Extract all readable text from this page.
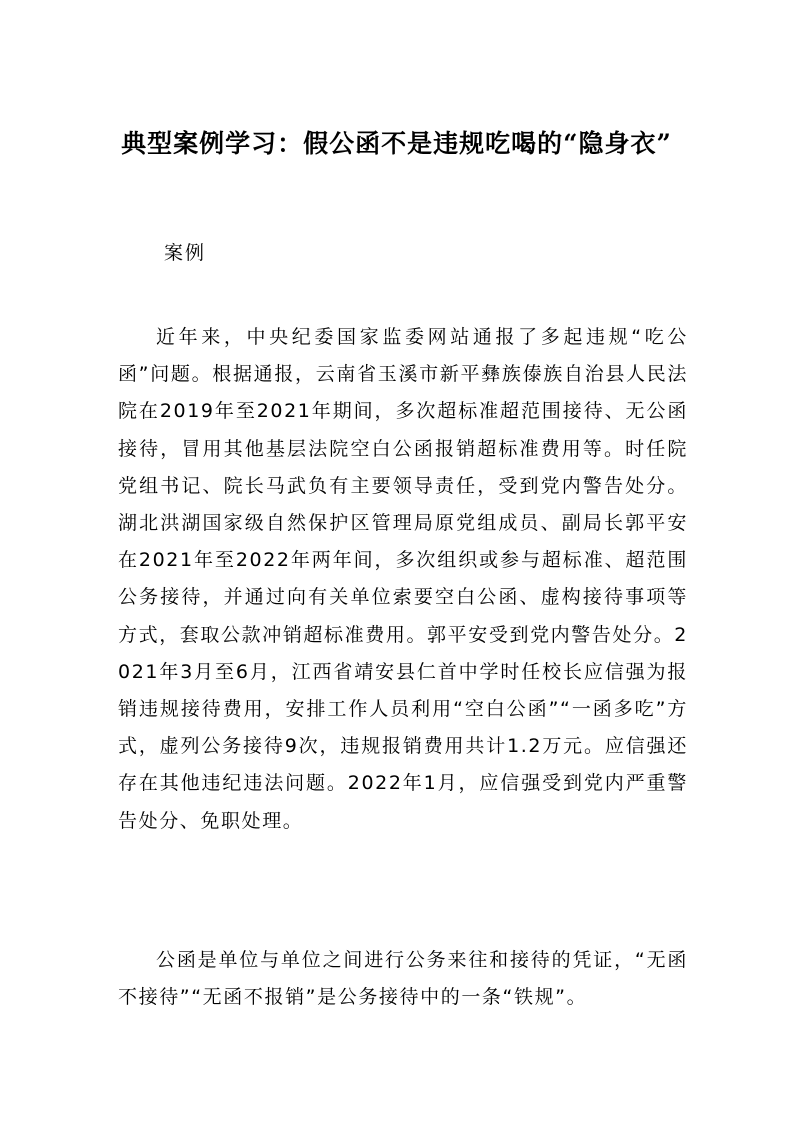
典型案例学习：假公函不是违规吃喝的“隐身衣”

案例

近年来，中央纪委国家监委网站通报了多起违规“吃公函”问题。根据通报，云南省玉溪市新平彝族傣族自治县人民法院在2019年至2021年期间，多次超标准超范围接待、无公函接待，冒用其他基层法院空白公函报销超标准费用等。时任院党组书记、院长马武负有主要领导责任，受到党内警告处分。湖北洪湖国家级自然保护区管理局原党组成员、副局长郭平安在2021年至2022年两年间，多次组织或参与超标准、超范围公务接待，并通过向有关单位索要空白公函、虚构接待事项等方式，套取公款冲销超标准费用。郭平安受到党内警告处分。2021年3月至6月，江西省靖安县仁首中学时任校长应信强为报销违规接待费用，安排工作人员利用“空白公函”“一函多吃”方式，虚列公务接待9次，违规报销费用共计1.2万元。应信强还存在其他违纪违法问题。2022年1月，应信强受到党内严重警告处分、免职处理。

公函是单位与单位之间进行公务来往和接待的凭证，“无函不接待”“无函不报销”是公务接待中的一条“铁规”。
